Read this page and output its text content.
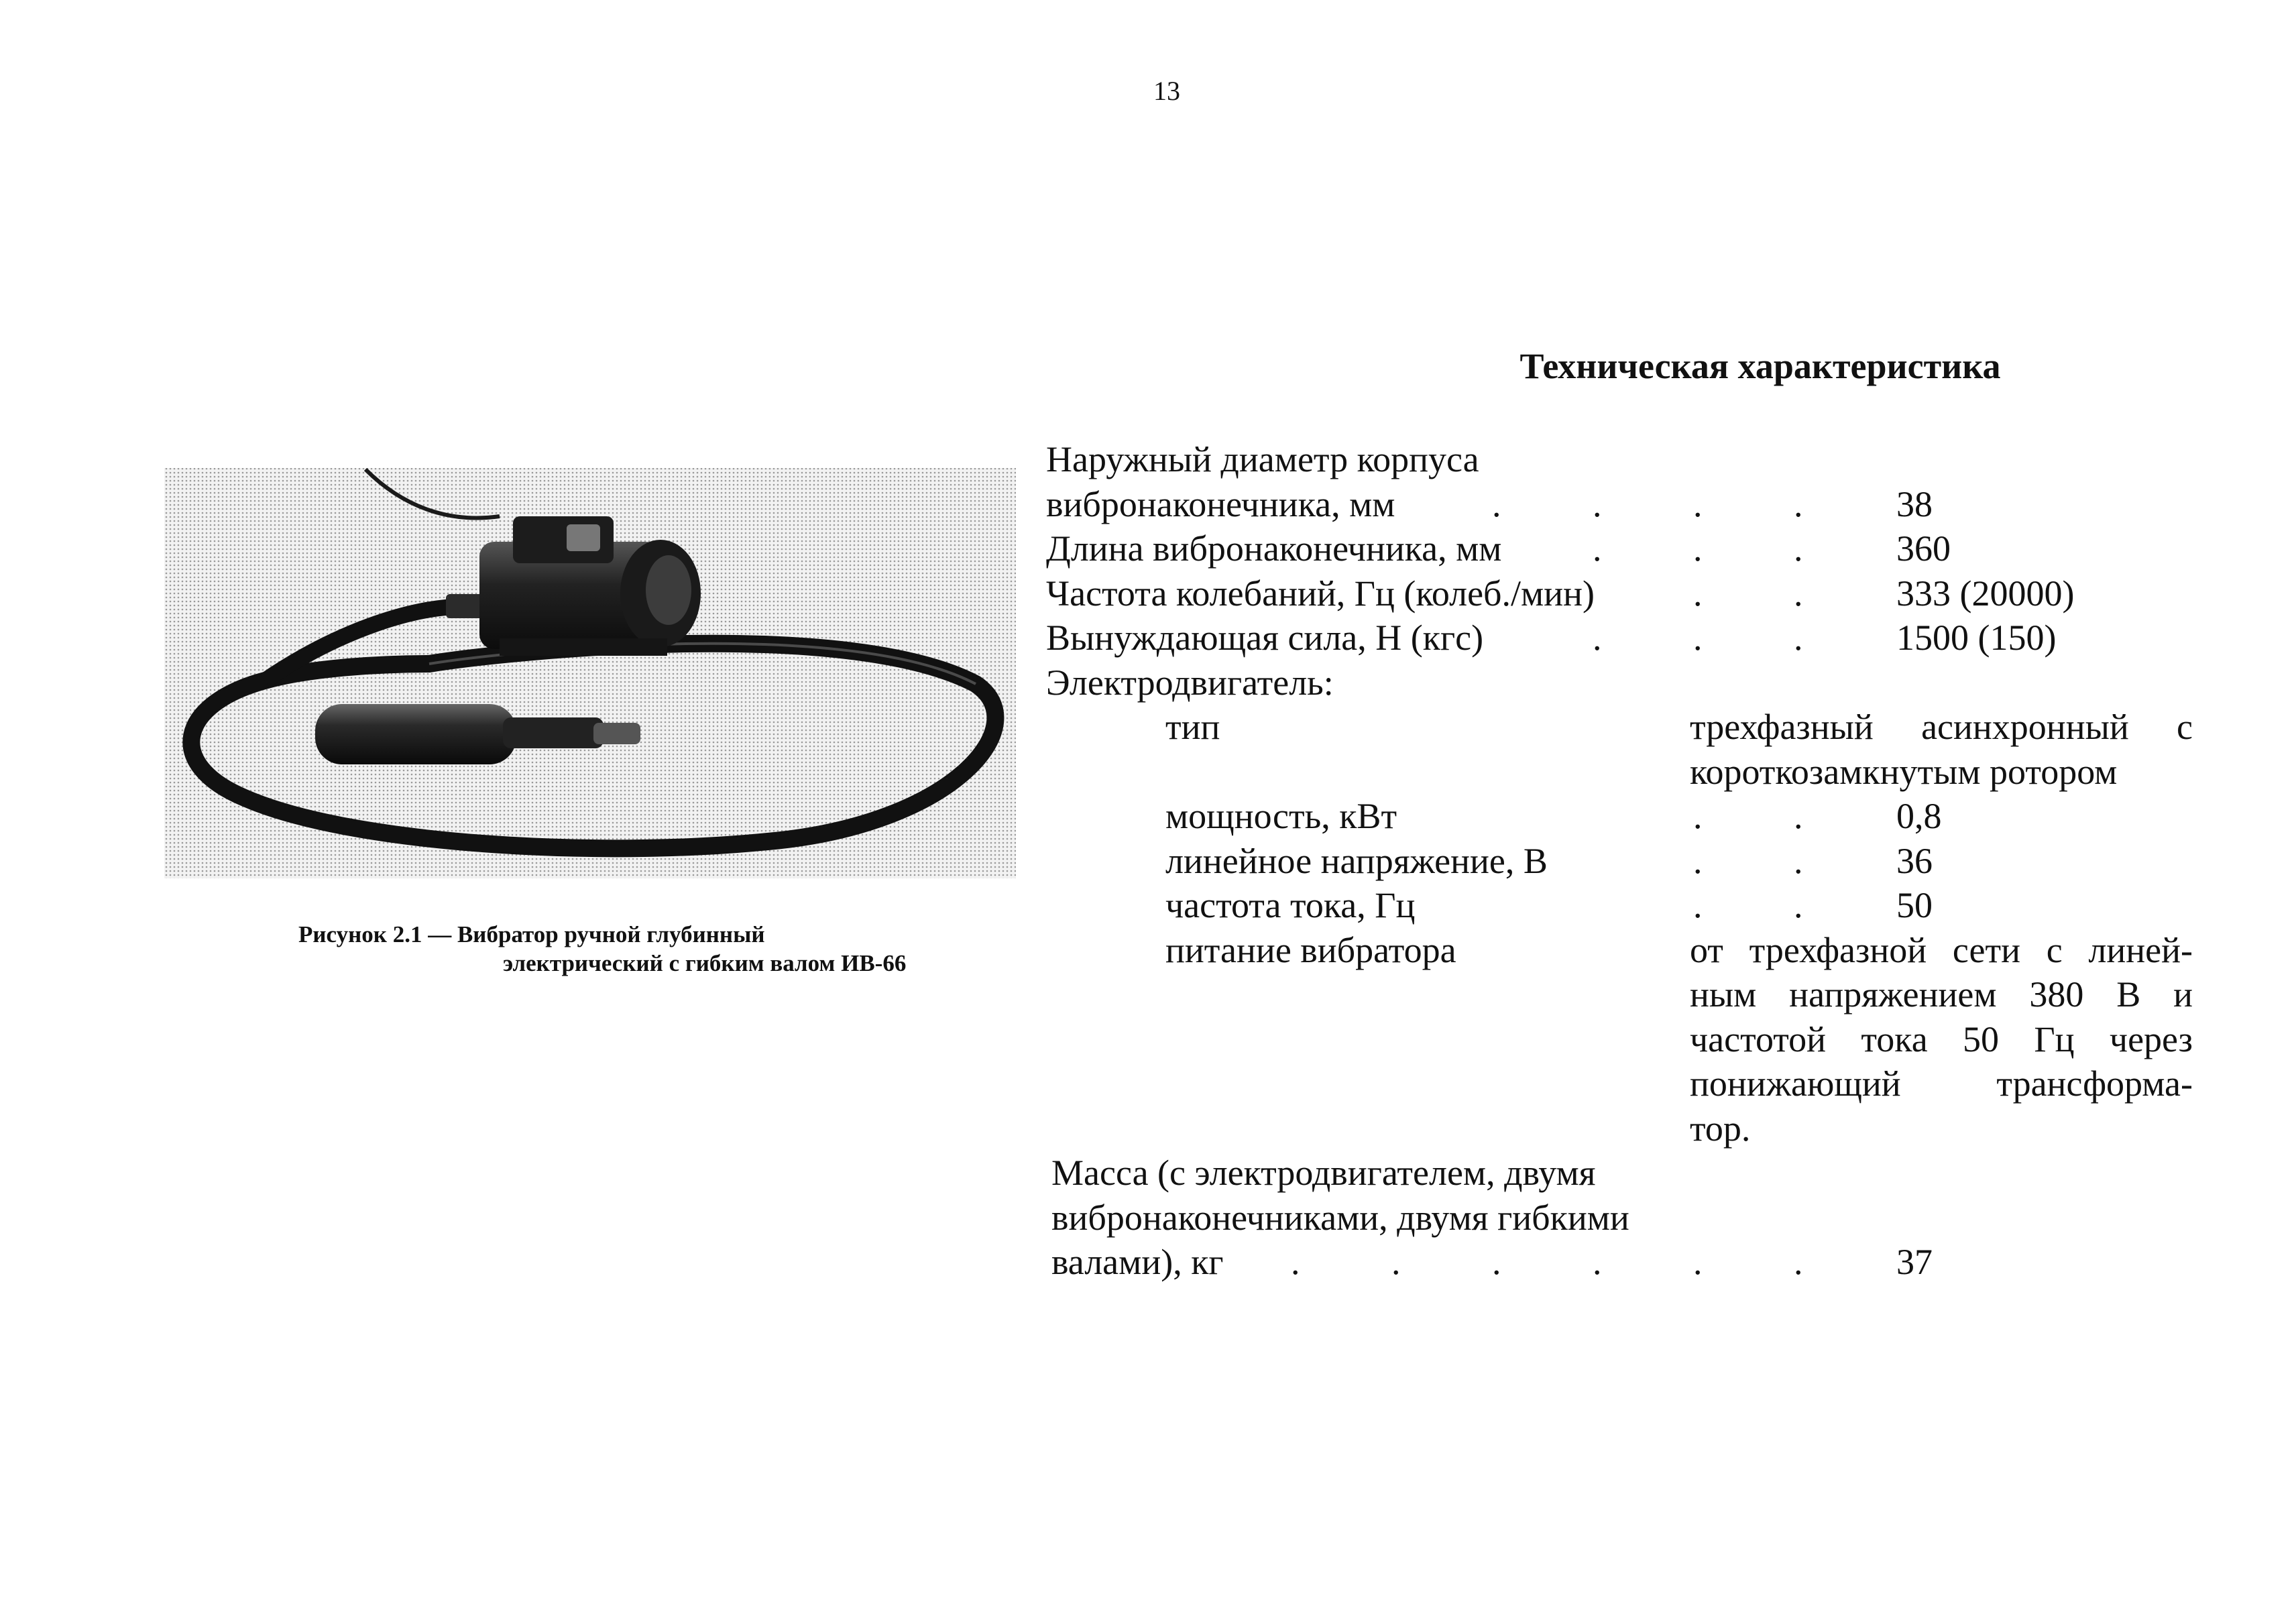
13
Техническая характеристика
Рисунок 2.1 — Вибратор ручной глубинный
электрический с гибким валом ИВ-66
Наружный диаметр корпуса
вибронаконечника, мм	.	.	.	.	38
Длина вибронаконечника, мм	.	.	.	360
Частота колебаний, Гц (колеб./мин)	.	.	333 (20000)
Вынуждающая сила, Н (кгс)	.	.	.	1500 (150)
Электродвигатель:
тип	трехфазный асинхронный с
короткозамкнутым ротором
мощность, кВт	.	.	0,8
линейное напряжение, В	.	.	36
частота тока, Гц	.	.	50
питание вибратора	от трехфазной сети с линей-
ным напряжением 380 В и
частотой тока 50 Гц через
понижающий трансформа-
тор.
Масса (с электродвигателем, двумя
вибронаконечниками, двумя гибкими
валами), кг .	.	.	.	.	.	37
